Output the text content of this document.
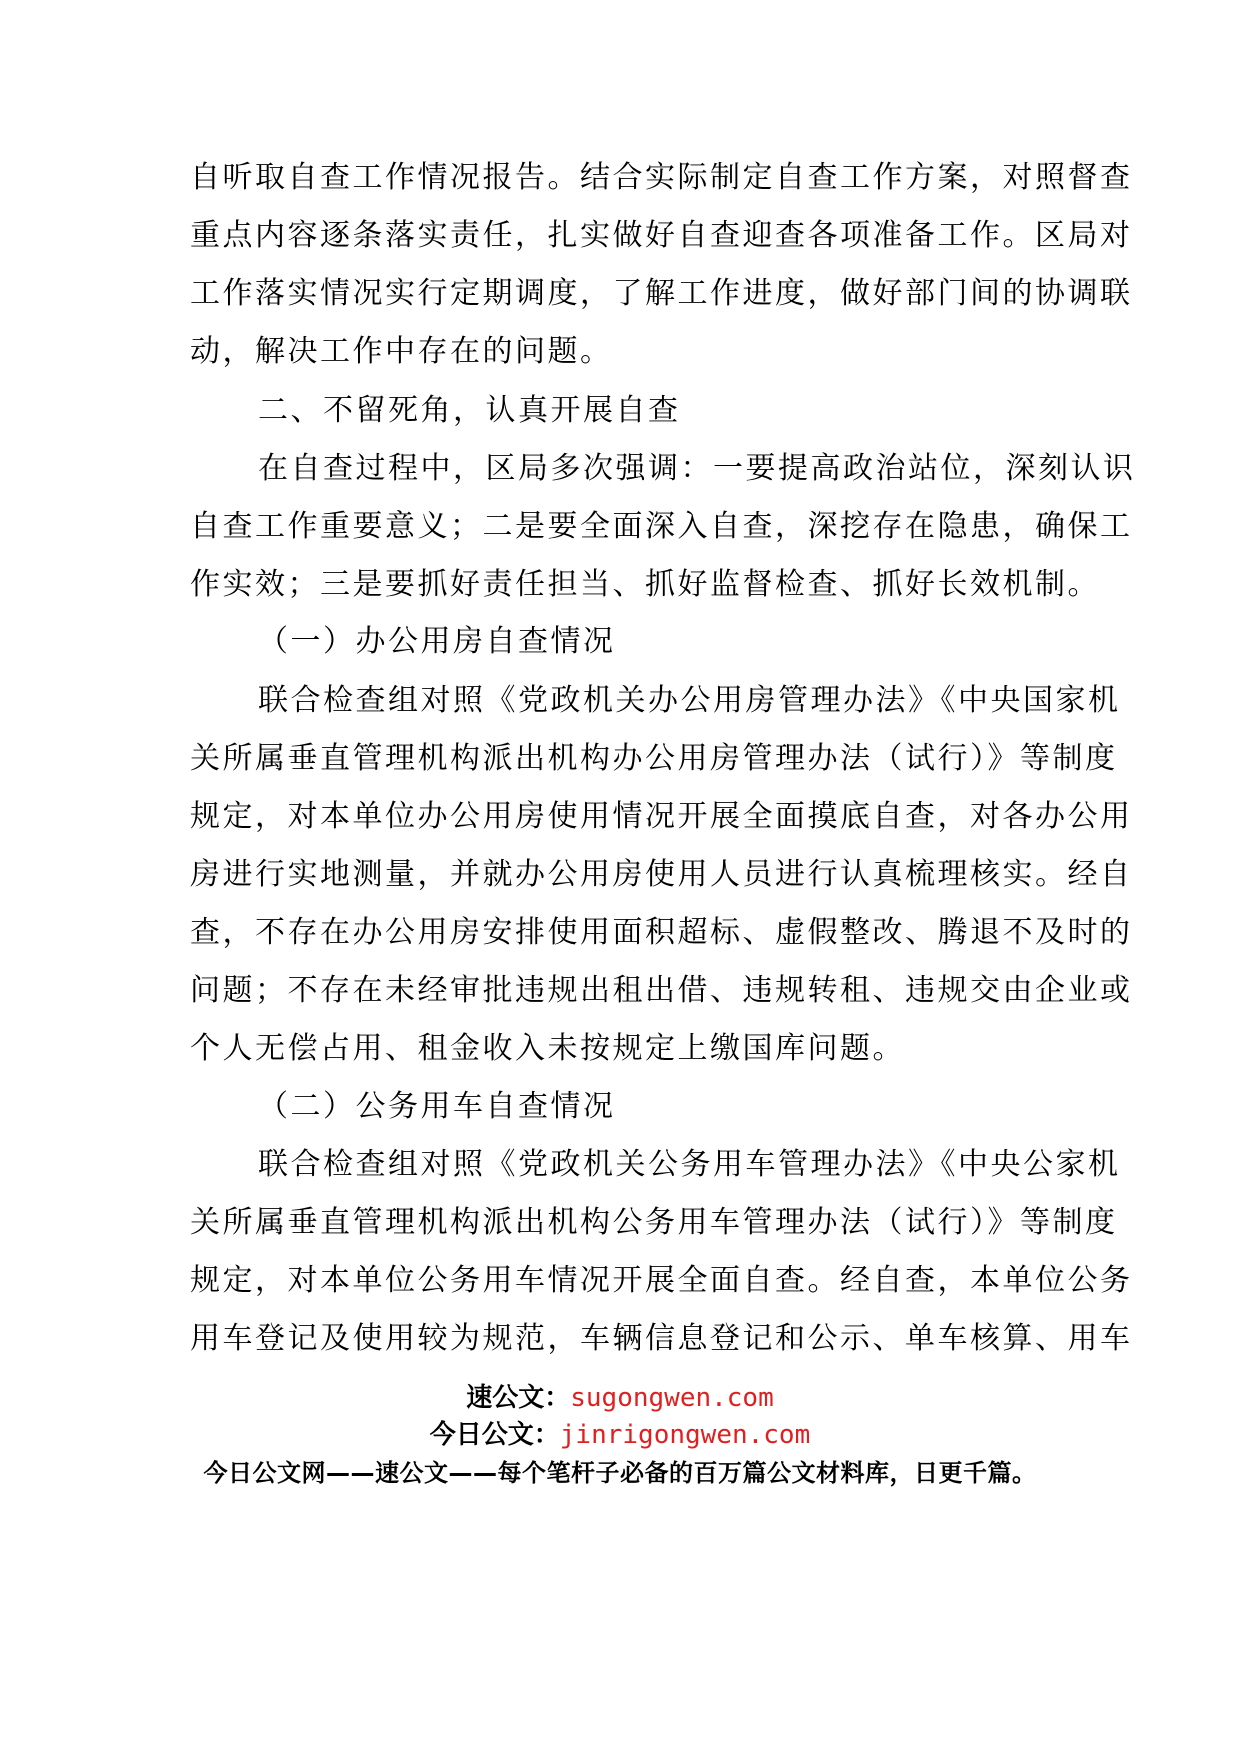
自听取自查工作情况报告。结合实际制定自查工作方案，对照督查
重点内容逐条落实责任，扎实做好自查迎查各项准备工作。区局对
工作落实情况实行定期调度，了解工作进度，做好部门间的协调联
动，解决工作中存在的问题。
二、不留死角，认真开展自查
在自查过程中，区局多次强调：一要提高政治站位，深刻认识
自查工作重要意义；二是要全面深入自查，深挖存在隐患，确保工
作实效；三是要抓好责任担当、抓好监督检查、抓好长效机制。
（一）办公用房自查情况
联合检查组对照《党政机关办公用房管理办法》《中央国家机
关所属垂直管理机构派出机构办公用房管理办法（试行）》等制度
规定，对本单位办公用房使用情况开展全面摸底自查，对各办公用
房进行实地测量，并就办公用房使用人员进行认真梳理核实。经自
查，不存在办公用房安排使用面积超标、虚假整改、腾退不及时的
问题；不存在未经审批违规出租出借、违规转租、违规交由企业或
个人无偿占用、租金收入未按规定上缴国库问题。
（二）公务用车自查情况
联合检查组对照《党政机关公务用车管理办法》《中央公家机
关所属垂直管理机构派出机构公务用车管理办法（试行）》等制度
规定，对本单位公务用车情况开展全面自查。经自查，本单位公务
用车登记及使用较为规范，车辆信息登记和公示、单车核算、用车
速公文：sugongwen.com
今日公文：jinrigongwen.com
今日公文网——速公文——每个笔杆子必备的百万篇公文材料库，日更千篇。
